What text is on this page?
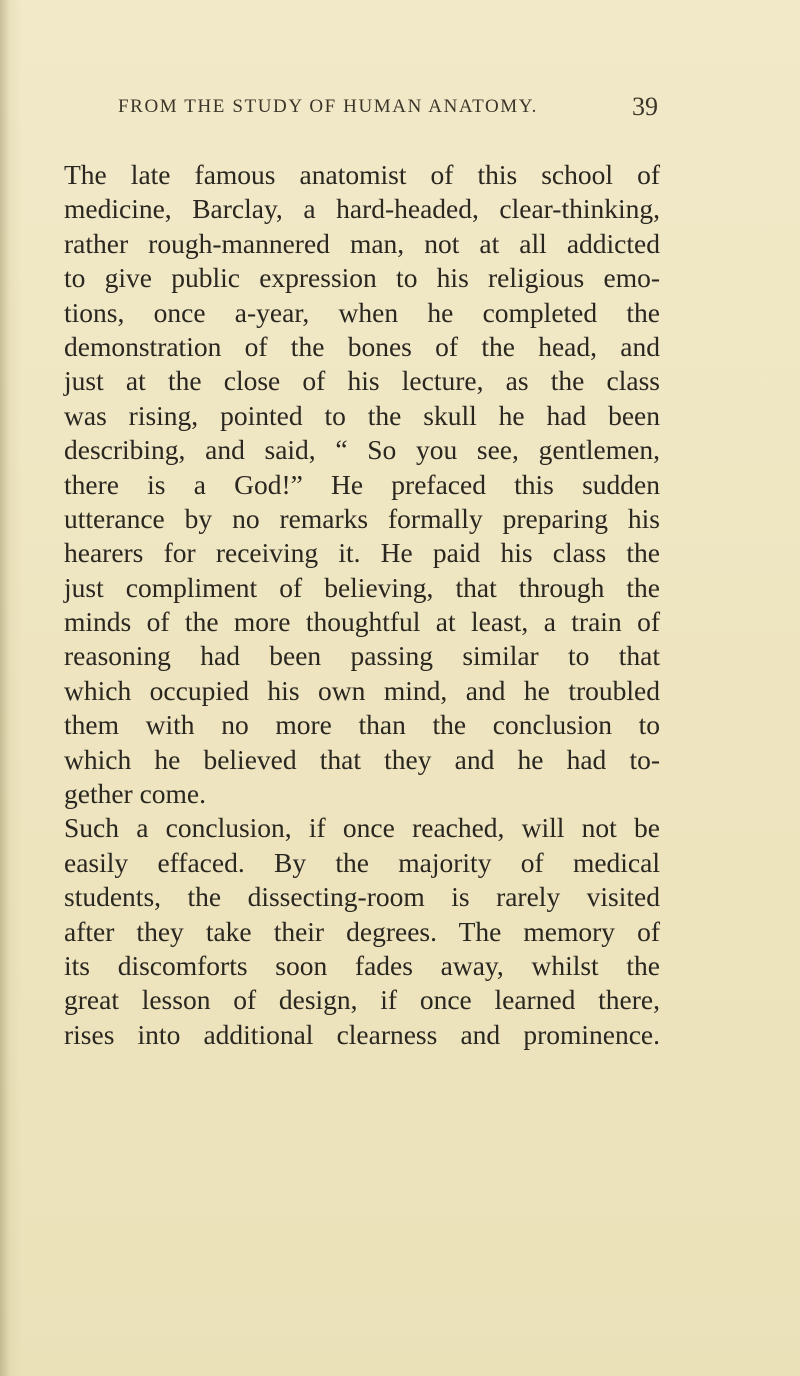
FROM THE STUDY OF HUMAN ANATOMY.	39
The late famous anatomist of this school of
medicine, Barclay, a hard-headed, clear-thinking,
rather rough-mannered man, not at all addicted
to give public expression to his religious emo-
tions, once a-year, when he completed the
demonstration of the bones of the head, and
just at the close of his lecture, as the class
was rising, pointed to the skull he had been
describing, and said, “ So you see, gentlemen,
there is a God!” He prefaced this sudden
utterance by no remarks formally preparing his
hearers for receiving it. He paid his class the
just compliment of believing, that through the
minds of the more thoughtful at least, a train of
reasoning had been passing similar to that
which occupied his own mind, and he troubled
them with no more than the conclusion to
which he believed that they and he had to-
gether come.
Such a conclusion, if once reached, will not be
easily effaced. By the majority of medical
students, the dissecting-room is rarely visited
after they take their degrees. The memory of
its discomforts soon fades away, whilst the
great lesson of design, if once learned there,
rises into additional clearness and prominence.
